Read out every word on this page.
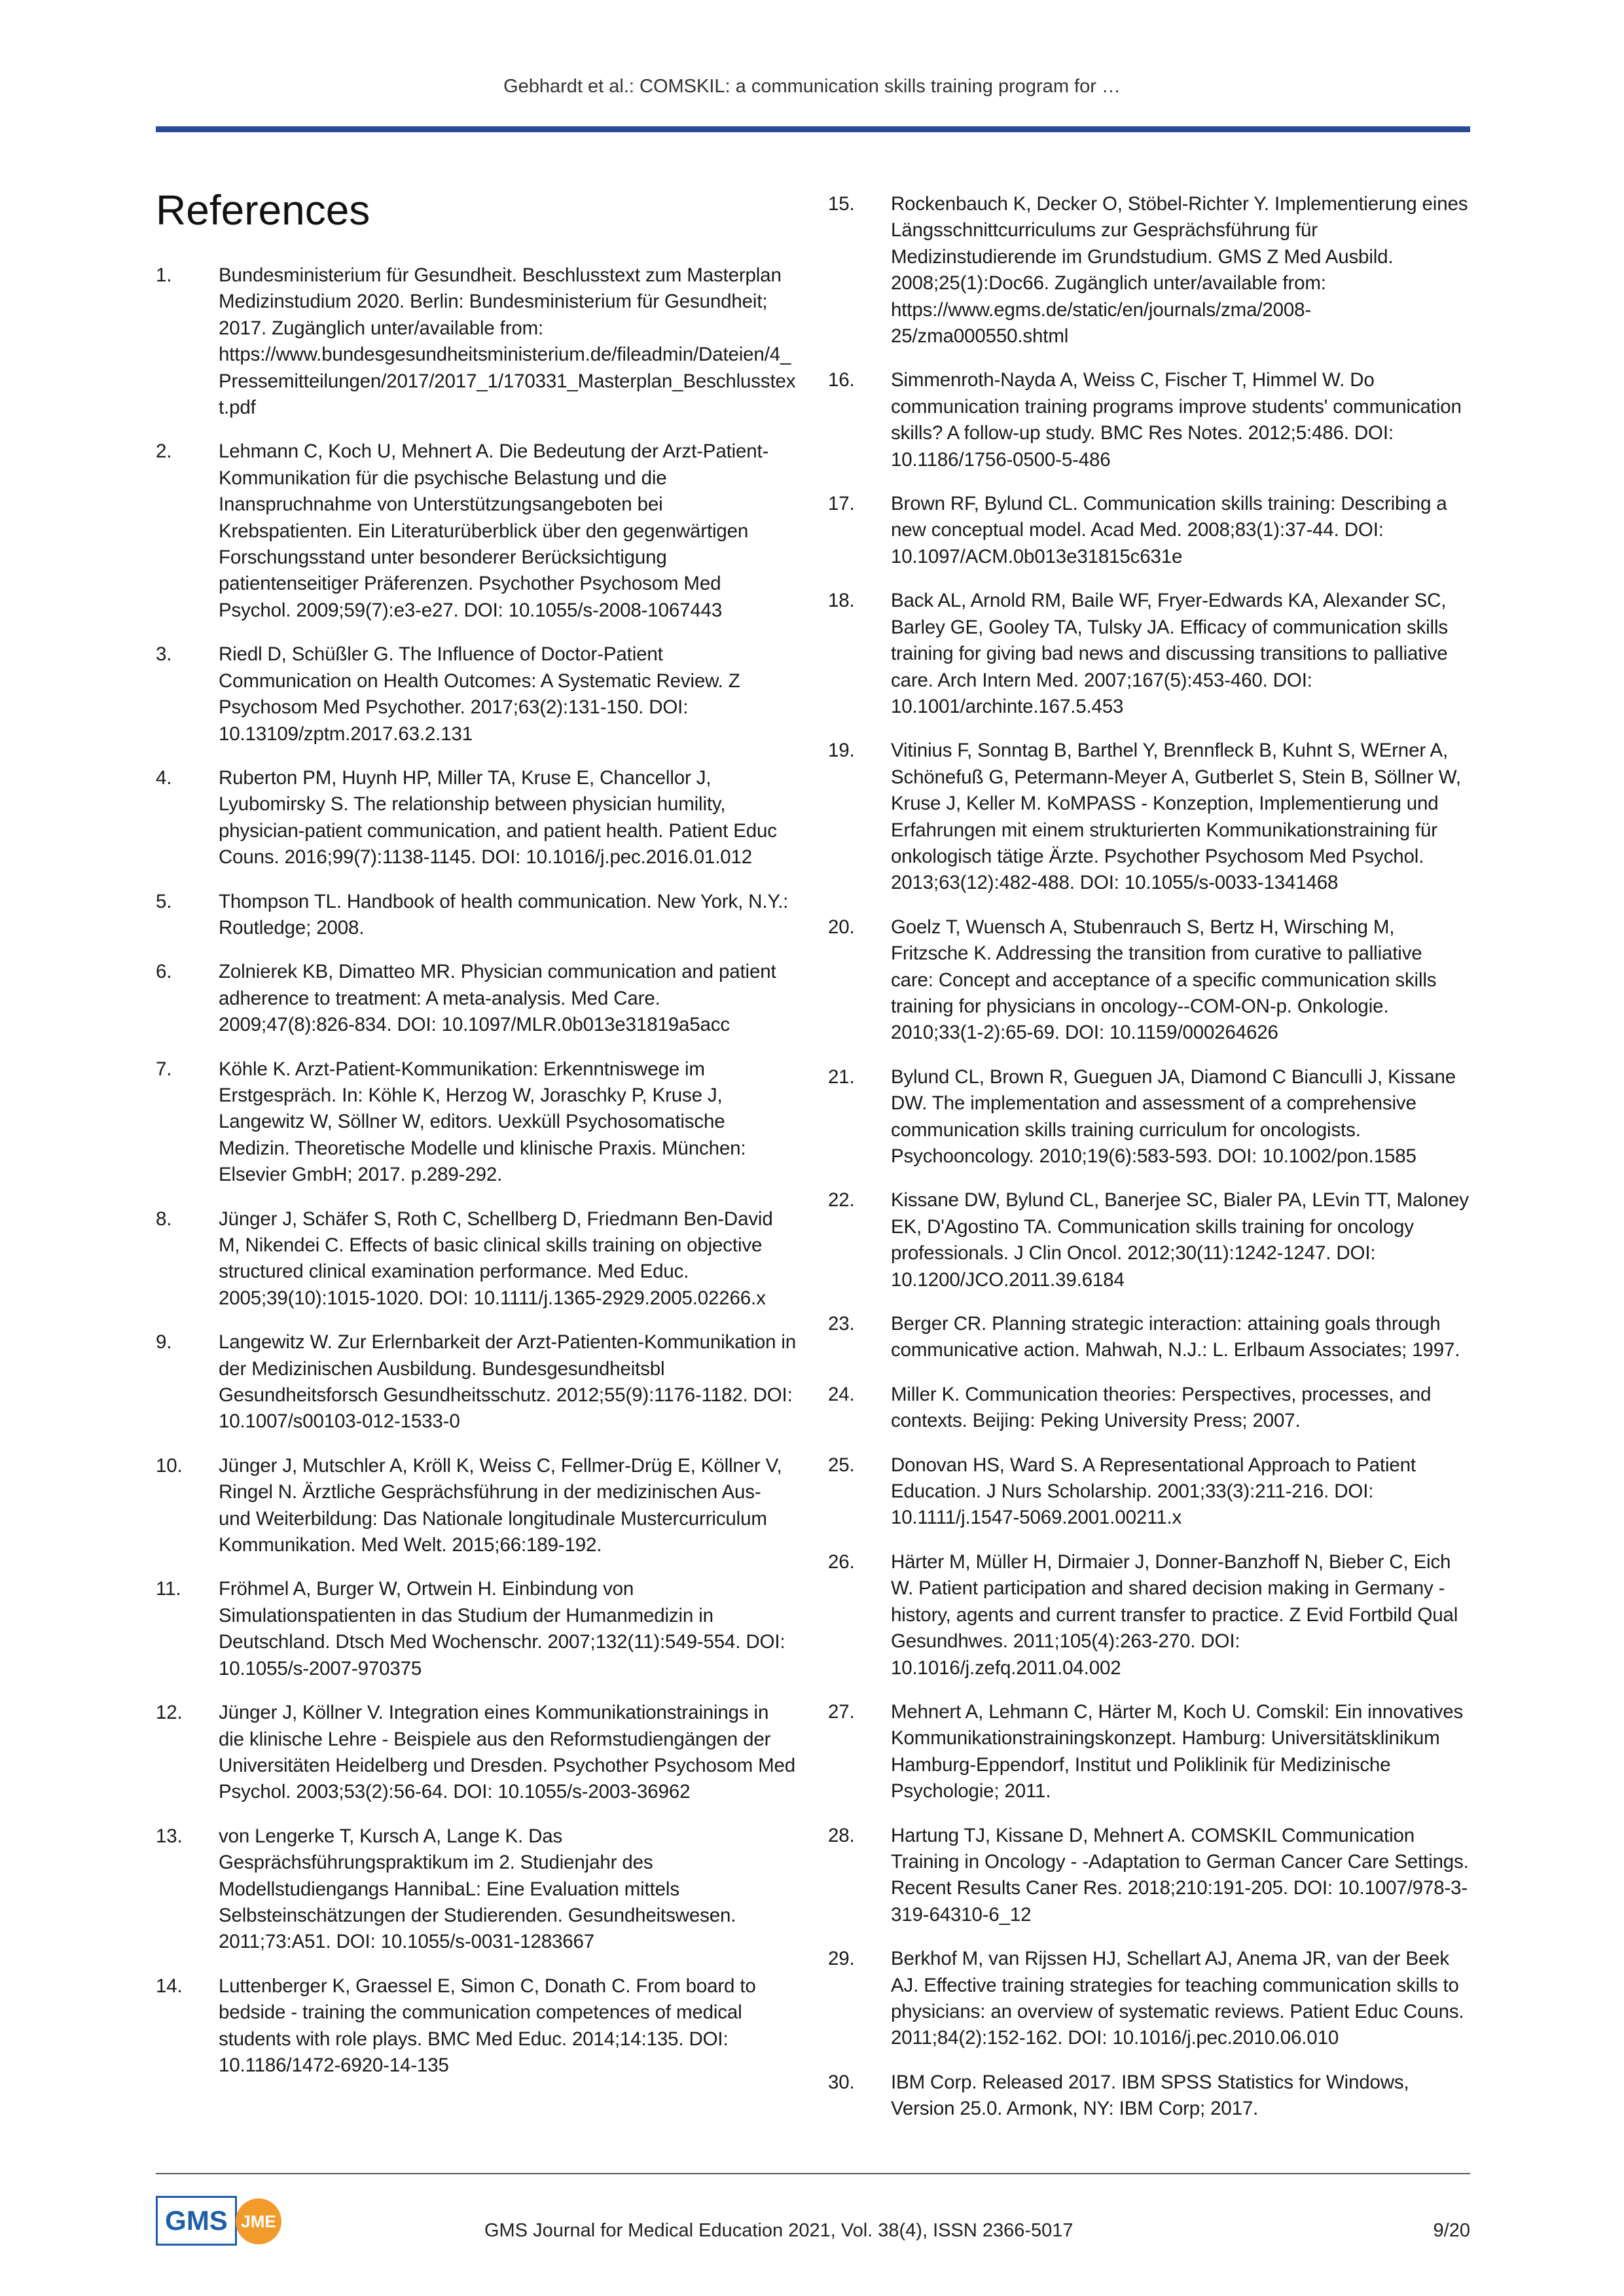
Gebhardt et al.: COMSKIL: a communication skills training program for …
References
1. Bundesministerium für Gesundheit. Beschlusstext zum Masterplan Medizinstudium 2020. Berlin: Bundesministerium für Gesundheit; 2017. Zugänglich unter/available from: https://www.bundesgesundheitsministerium.de/fileadmin/Dateien/4_Pressemitteilungen/2017/2017_1/170331_Masterplan_Beschlusstext.pdf
2. Lehmann C, Koch U, Mehnert A. Die Bedeutung der Arzt-Patient-Kommunikation für die psychische Belastung und die Inanspruchnahme von Unterstützungsangeboten bei Krebspatienten. Ein Literaturüberblick über den gegenwärtigen Forschungsstand unter besonderer Berücksichtigung patientenseitiger Präferenzen. Psychother Psychosom Med Psychol. 2009;59(7):e3-e27. DOI: 10.1055/s-2008-1067443
3. Riedl D, Schüßler G. The Influence of Doctor-Patient Communication on Health Outcomes: A Systematic Review. Z Psychosom Med Psychother. 2017;63(2):131-150. DOI: 10.13109/zptm.2017.63.2.131
4. Ruberton PM, Huynh HP, Miller TA, Kruse E, Chancellor J, Lyubomirsky S. The relationship between physician humility, physician-patient communication, and patient health. Patient Educ Couns. 2016;99(7):1138-1145. DOI: 10.1016/j.pec.2016.01.012
5. Thompson TL. Handbook of health communication. New York, N.Y.: Routledge; 2008.
6. Zolnierek KB, Dimatteo MR. Physician communication and patient adherence to treatment: A meta-analysis. Med Care. 2009;47(8):826-834. DOI: 10.1097/MLR.0b013e31819a5acc
7. Köhle K. Arzt-Patient-Kommunikation: Erkenntniswege im Erstgespräch. In: Köhle K, Herzog W, Joraschky P, Kruse J, Langewitz W, Söllner W, editors. Uexküll Psychosomatische Medizin. Theoretische Modelle und klinische Praxis. München: Elsevier GmbH; 2017. p.289-292.
8. Jünger J, Schäfer S, Roth C, Schellberg D, Friedmann Ben-David M, Nikendei C. Effects of basic clinical skills training on objective structured clinical examination performance. Med Educ. 2005;39(10):1015-1020. DOI: 10.1111/j.1365-2929.2005.02266.x
9. Langewitz W. Zur Erlernbarkeit der Arzt-Patienten-Kommunikation in der Medizinischen Ausbildung. Bundesgesundheitsbl Gesundheitsforsch Gesundheitsschutz. 2012;55(9):1176-1182. DOI: 10.1007/s00103-012-1533-0
10. Jünger J, Mutschler A, Kröll K, Weiss C, Fellmer-Drüg E, Köllner V, Ringel N. Ärztliche Gesprächsführung in der medizinischen Aus- und Weiterbildung: Das Nationale longitudinale Mustercurriculum Kommunikation. Med Welt. 2015;66:189-192.
11. Fröhmel A, Burger W, Ortwein H. Einbindung von Simulationspatienten in das Studium der Humanmedizin in Deutschland. Dtsch Med Wochenschr. 2007;132(11):549-554. DOI: 10.1055/s-2007-970375
12. Jünger J, Köllner V. Integration eines Kommunikationstrainings in die klinische Lehre - Beispiele aus den Reformstudiengängen der Universitäten Heidelberg und Dresden. Psychother Psychosom Med Psychol. 2003;53(2):56-64. DOI: 10.1055/s-2003-36962
13. von Lengerke T, Kursch A, Lange K. Das Gesprächsführungspraktikum im 2. Studienjahr des Modellstudiengangs HannibaL: Eine Evaluation mittels Selbsteinschätzungen der Studierenden. Gesundheitswesen. 2011;73:A51. DOI: 10.1055/s-0031-1283667
14. Luttenberger K, Graessel E, Simon C, Donath C. From board to bedside - training the communication competences of medical students with role plays. BMC Med Educ. 2014;14:135. DOI: 10.1186/1472-6920-14-135
15. Rockenbauch K, Decker O, Stöbel-Richter Y. Implementierung eines Längsschnittcurriculums zur Gesprächsführung für Medizinstudierende im Grundstudium. GMS Z Med Ausbild. 2008;25(1):Doc66. Zugänglich unter/available from: https://www.egms.de/static/en/journals/zma/2008-25/zma000550.shtml
16. Simmenroth-Nayda A, Weiss C, Fischer T, Himmel W. Do communication training programs improve students' communication skills? A follow-up study. BMC Res Notes. 2012;5:486. DOI: 10.1186/1756-0500-5-486
17. Brown RF, Bylund CL. Communication skills training: Describing a new conceptual model. Acad Med. 2008;83(1):37-44. DOI: 10.1097/ACM.0b013e31815c631e
18. Back AL, Arnold RM, Baile WF, Fryer-Edwards KA, Alexander SC, Barley GE, Gooley TA, Tulsky JA. Efficacy of communication skills training for giving bad news and discussing transitions to palliative care. Arch Intern Med. 2007;167(5):453-460. DOI: 10.1001/archinte.167.5.453
19. Vitinius F, Sonntag B, Barthel Y, Brennfleck B, Kuhnt S, WErner A, Schönefuß G, Petermann-Meyer A, Gutberlet S, Stein B, Söllner W, Kruse J, Keller M. KoMPASS - Konzeption, Implementierung und Erfahrungen mit einem strukturierten Kommunikationstraining für onkologisch tätige Ärzte. Psychother Psychosom Med Psychol. 2013;63(12):482-488. DOI: 10.1055/s-0033-1341468
20. Goelz T, Wuensch A, Stubenrauch S, Bertz H, Wirsching M, Fritzsche K. Addressing the transition from curative to palliative care: Concept and acceptance of a specific communication skills training for physicians in oncology--COM-ON-p. Onkologie. 2010;33(1-2):65-69. DOI: 10.1159/000264626
21. Bylund CL, Brown R, Gueguen JA, Diamond C Bianculli J, Kissane DW. The implementation and assessment of a comprehensive communication skills training curriculum for oncologists. Psychooncology. 2010;19(6):583-593. DOI: 10.1002/pon.1585
22. Kissane DW, Bylund CL, Banerjee SC, Bialer PA, LEvin TT, Maloney EK, D'Agostino TA. Communication skills training for oncology professionals. J Clin Oncol. 2012;30(11):1242-1247. DOI: 10.1200/JCO.2011.39.6184
23. Berger CR. Planning strategic interaction: attaining goals through communicative action. Mahwah, N.J.: L. Erlbaum Associates; 1997.
24. Miller K. Communication theories: Perspectives, processes, and contexts. Beijing: Peking University Press; 2007.
25. Donovan HS, Ward S. A Representational Approach to Patient Education. J Nurs Scholarship. 2001;33(3):211-216. DOI: 10.1111/j.1547-5069.2001.00211.x
26. Härter M, Müller H, Dirmaier J, Donner-Banzhoff N, Bieber C, Eich W. Patient participation and shared decision making in Germany - history, agents and current transfer to practice. Z Evid Fortbild Qual Gesundhwes. 2011;105(4):263-270. DOI: 10.1016/j.zefq.2011.04.002
27. Mehnert A, Lehmann C, Härter M, Koch U. Comskil: Ein innovatives Kommunikationstrainingskonzept. Hamburg: Universitätsklinikum Hamburg-Eppendorf, Institut und Poliklinik für Medizinische Psychologie; 2011.
28. Hartung TJ, Kissane D, Mehnert A. COMSKIL Communication Training in Oncology - -Adaptation to German Cancer Care Settings. Recent Results Caner Res. 2018;210:191-205. DOI: 10.1007/978-3-319-64310-6_12
29. Berkhof M, van Rijssen HJ, Schellart AJ, Anema JR, van der Beek AJ. Effective training strategies for teaching communication skills to physicians: an overview of systematic reviews. Patient Educ Couns. 2011;84(2):152-162. DOI: 10.1016/j.pec.2010.06.010
30. IBM Corp. Released 2017. IBM SPSS Statistics for Windows, Version 25.0. Armonk, NY: IBM Corp; 2017.
GMS JME	GMS Journal for Medical Education 2021, Vol. 38(4), ISSN 2366-5017	9/20
